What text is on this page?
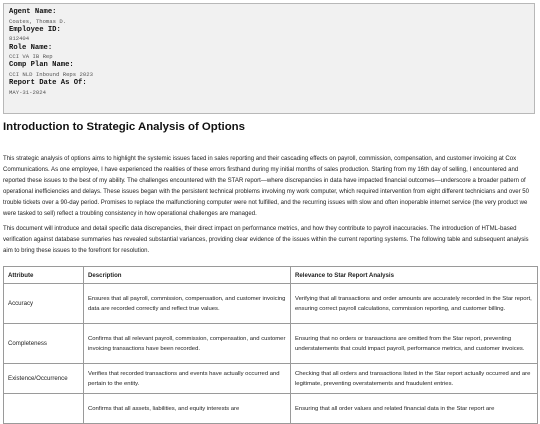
Agent Name:
Coates, Thomas D.
Employee ID:
812404
Role Name:
CCI VA IB Rep
Comp Plan Name:
CCI NLD Inbound Reps 2023
Report Date As Of:
MAY-31-2024
Introduction to Strategic Analysis of Options

This strategic analysis of options aims to highlight the systemic issues faced in sales reporting and their cascading effects on payroll, commission, compensation, and customer invoicing at Cox Communications. As one employee, I have experienced the realities of these errors firsthand during my initial months of sales production. Starting from my 16th day of selling, I encountered and reported these issues to the best of my ability. The challenges encountered with the STAR report—where discrepancies in data have impacted financial outcomes—underscore a broader pattern of operational inefficiencies and delays. These issues began with the persistent technical problems involving my work computer, which required intervention from eight different technicians and over 50 trouble tickets over a 90-day period. Promises to replace the malfunctioning computer were not fulfilled, and the recurring issues with slow and often inoperable internet service (the very product we were tasked to sell) reflect a troubling consistency in how operational challenges are managed.

This document will introduce and detail specific data discrepancies, their direct impact on performance metrics, and how they contribute to payroll inaccuracies. The introduction of HTML-based verification against database summaries has revealed substantial variances, providing clear evidence of the issues within the current reporting systems. The following table and subsequent analysis aim to bring these issues to the forefront for resolution.

Attribute	Description	Relevance to Star Report Analysis
Accuracy	Ensures that all payroll, commission, compensation, and customer invoicing data are recorded correctly and reflect true values.	Verifying that all transactions and order amounts are accurately recorded in the Star report, ensuring correct payroll calculations, commission reporting, and customer billing.
Completeness	Confirms that all relevant payroll, commission, compensation, and customer invoicing transactions have been recorded.	Ensuring that no orders or transactions are omitted from the Star report, preventing understatements that could impact payroll, performance metrics, and customer invoices.
Existence/Occurrence	Verifies that recorded transactions and events have actually occurred and pertain to the entity.	Checking that all orders and transactions listed in the Star report actually occurred and are legitimate, preventing overstatements and fraudulent entries.
	Confirms that all assets, liabilities, and equity interests are	Ensuring that all order values and related financial data in the Star report are
